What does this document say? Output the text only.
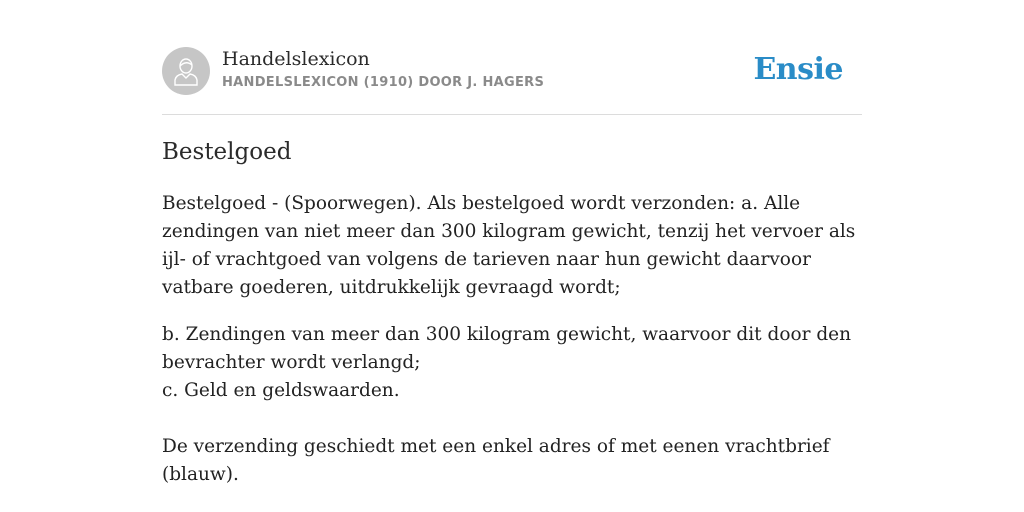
Handelslexicon
HANDELSLEXICON (1910) DOOR J. HAGERS	Ensie
Bestelgoed

Bestelgoed - (Spoorwegen). Als bestelgoed wordt verzonden: a. Alle zendingen van niet meer dan 300 kilogram gewicht, tenzij het vervoer als ijl- of vrachtgoed van volgens de tarieven naar hun gewicht daarvoor vatbare goederen, uitdrukkelijk gevraagd wordt;

b. Zendingen van meer dan 300 kilogram gewicht, waarvoor dit door den bevrachter wordt verlangd;
c. Geld en geldswaarden.
De verzending geschiedt met een enkel adres of met eenen vrachtbrief (blauw).
